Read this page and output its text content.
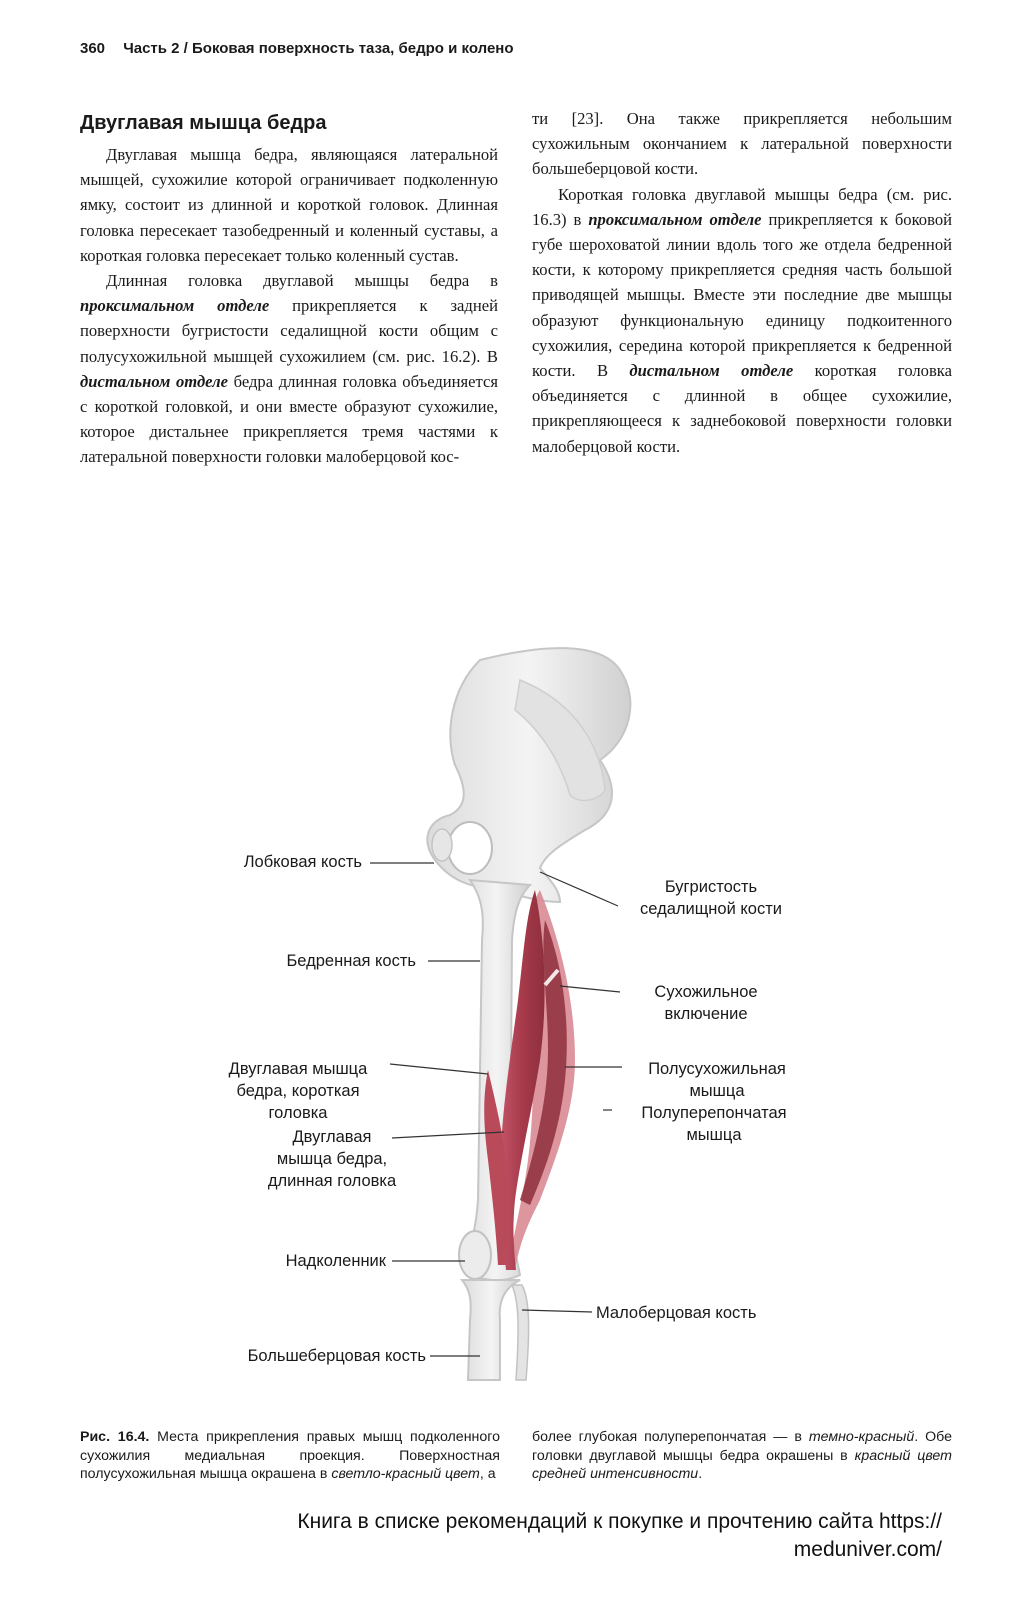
360 Часть 2 / Боковая поверхность таза, бедро и колено
Двуглавая мышца бедра

Двуглавая мышца бедра, являющаяся латеральной мышцей, сухожилие которой ограничивает подколенную ямку, состоит из длинной и короткой головок. Длинная головка пересекает тазобедренный и коленный суставы, а короткая головка пересекает только коленный сустав.

Длинная головка двуглавой мышцы бедра в проксимальном отделе прикрепляется к задней поверхности бугристости седалищной кости общим с полусухожильной мышцей сухожилием (см. рис. 16.2). В дистальном отделе бедра длинная головка объединяется с короткой головкой, и они вместе образуют сухожилие, которое дистальнее прикрепляется тремя частями к латеральной поверхности головки малоберцовой кос-

ти [23]. Она также прикрепляется небольшим сухожильным окончанием к латеральной поверхности большеберцовой кости.

Короткая головка двуглавой мышцы бедра (см. рис. 16.3) в проксимальном отделе прикрепляется к боковой губе шероховатой линии вдоль того же отдела бедренной кости, к которому прикрепляется средняя часть большой приводящей мышцы. Вместе эти последние две мышцы образуют функциональную единицу подкоитенного сухожилия, середина которой прикрепляется к бедренной кости. В дистальном отделе короткая головка объединяется с длинной в общее сухожилие, прикрепляющееся к заднебоковой поверхности головки малоберцовой кости.

Лобковая кость
Бугристость
седалищной кости
Бедренная кость
Сухожильное
включение
Двуглавая мышца
бедра, короткая
головка
Полусухожильная
мышца
Полуперепончатая
мышца
Двуглавая
мышца бедра,
длинная головка
Надколенник
Малоберцовая кость
Большеберцовая кость
Рис. 16.4. Места прикрепления правых мышц подколенного сухожилия медиальная проекция. Поверхностная полусухожильная мышца окрашена в светло-красный цвет, а
более глубокая полуперепончатая — в темно-красный. Обе головки двуглавой мышцы бедра окрашены в красный цвет средней интенсивности.
Книга в списке рекомендаций к покупке и прочтению сайта https://
meduniver.com/
